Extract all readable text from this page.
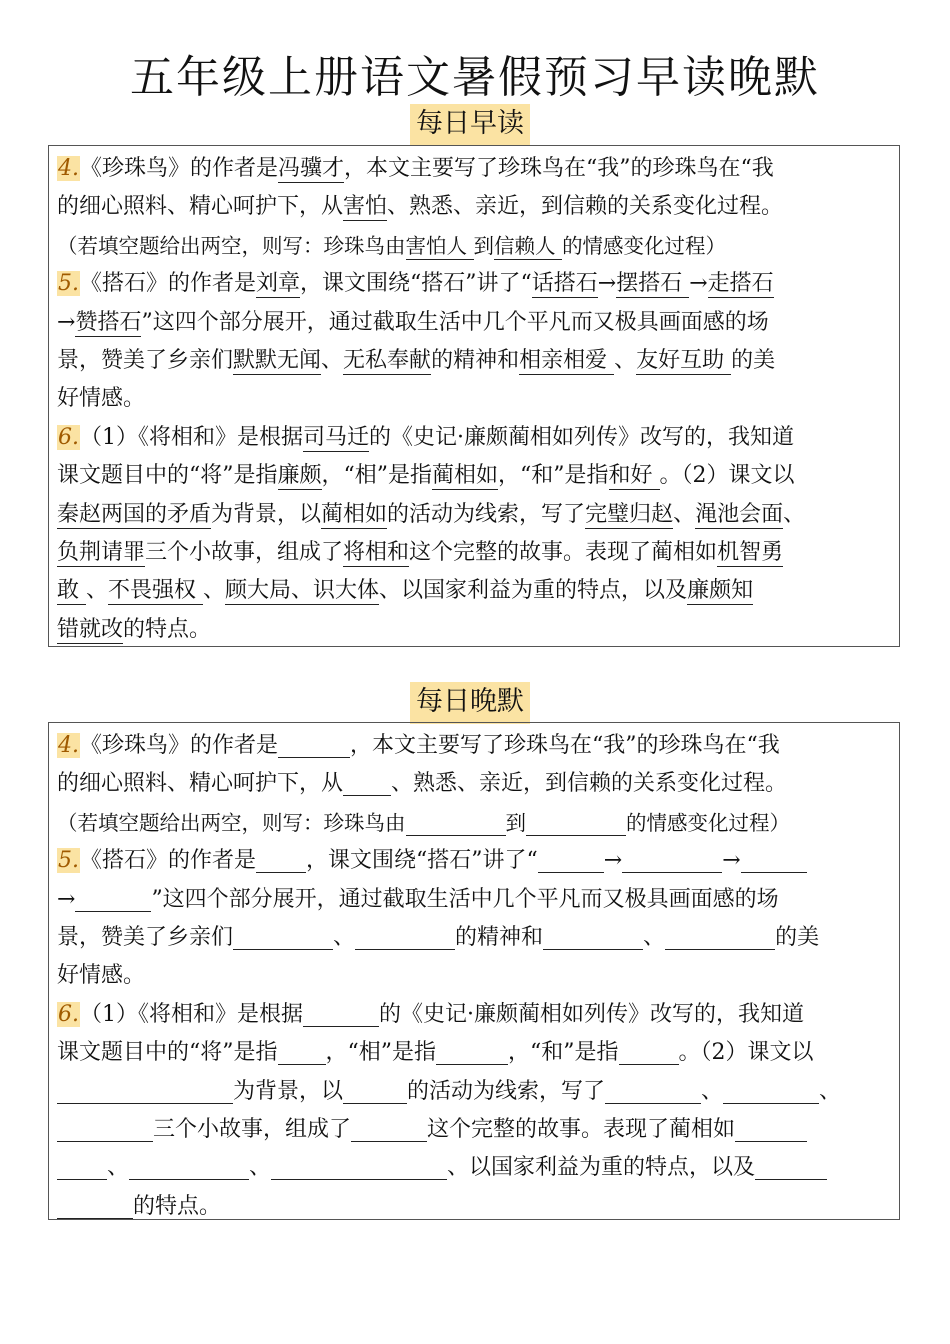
五年级上册语文暑假预习早读晚默
每日早读
4.《珍珠鸟》的作者是冯骥才，本文主要写了珍珠鸟在“我”的珍珠鸟在“我
的细心照料、精心呵护下，从害怕、熟悉、亲近，到信赖的关系变化过程。
（若填空题给出两空，则写：珍珠鸟由害怕人 到信赖人 的情感变化过程）
5.《搭石》的作者是刘章，课文围绕“搭石”讲了“话搭石→摆搭石 →走搭石
→赞搭石”这四个部分展开，通过截取生活中几个平凡而又极具画面感的场
景，赞美了乡亲们默默无闻、无私奉献的精神和相亲相爱 、友好互助 的美
好情感。
6.（1）《将相和》是根据司马迁的《史记·廉颇蔺相如列传》改写的，我知道
课文题目中的“将”是指廉颇，“相”是指蔺相如，“和”是指和好 。（2）课文以
秦赵两国的矛盾为背景，以蔺相如的活动为线索，写了完璧归赵、渑池会面、
负荆请罪三个小故事，组成了将相和这个完整的故事。表现了蔺相如机智勇
敢 、不畏强权 、顾大局、识大体、以国家利益为重的特点，以及廉颇知
错就改的特点。
每日晚默
4.《珍珠鸟》的作者是	，本文主要写了珍珠鸟在“我”的珍珠鸟在“我
的细心照料、精心呵护下，从 、熟悉、亲近，到信赖的关系变化过程。
（若填空题给出两空，则写：珍珠鸟由	到	的情感变化过程）
5.《搭石》的作者是 ，课文围绕“搭石”讲了“	→	→
→	”这四个部分展开，通过截取生活中几个平凡而又极具画面感的场
景，赞美了乡亲们	、	的精神和	、	的美
好情感。
6.（1）《将相和》是根据	的《史记·廉颇蔺相如列传》改写的，我知道
课文题目中的“将”是指 ，“相”是指	，“和”是指	。（2）课文以
为背景，以	的活动为线索，写了	、	、
三个小故事，组成了	这个完整的故事。表现了蔺相如
、	、	、以国家利益为重的特点，以及
的特点。
